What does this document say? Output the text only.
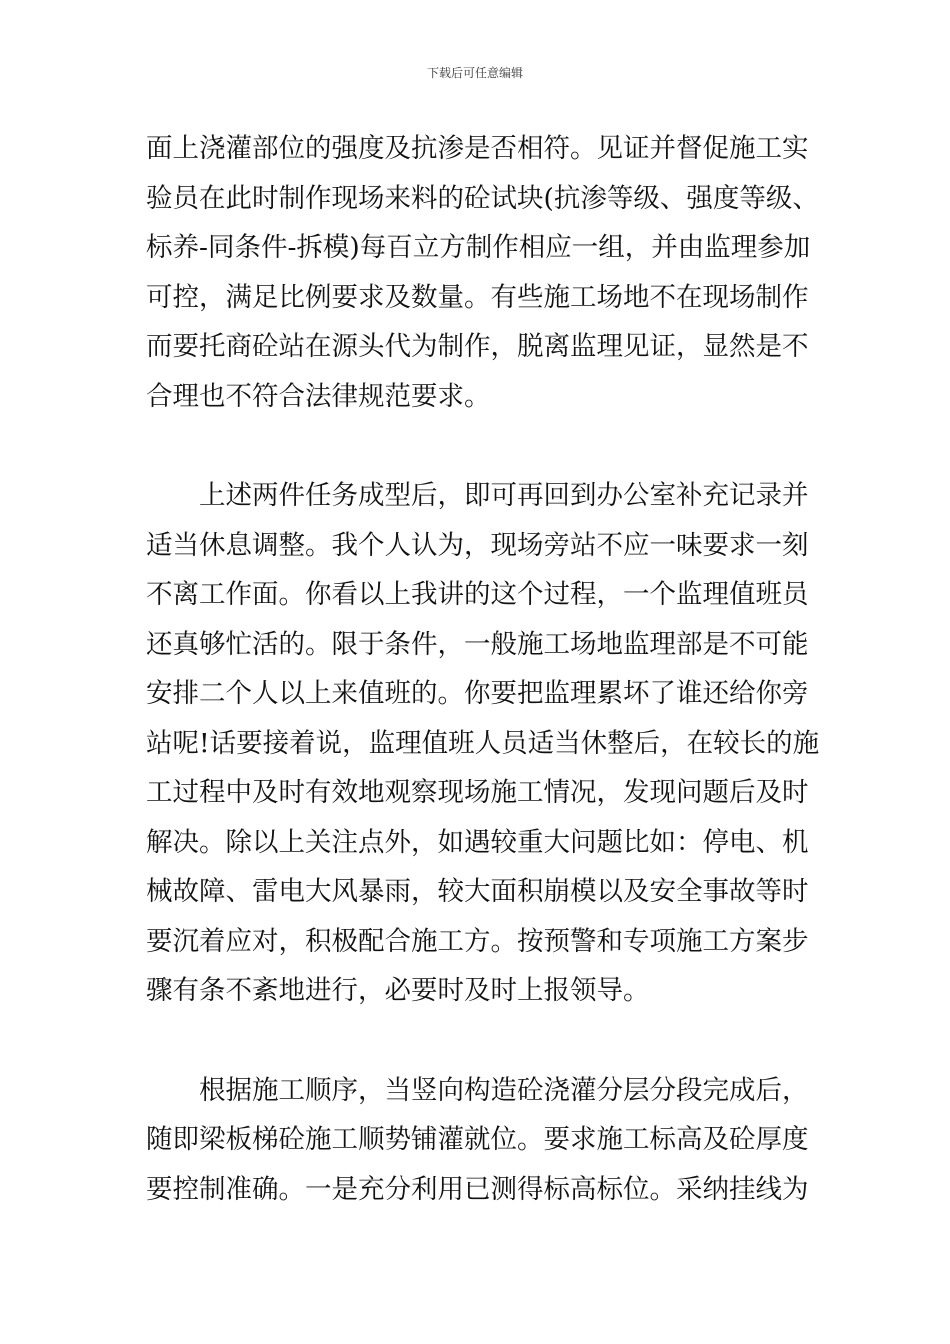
下载后可任意编辑
面上浇灌部位的强度及抗渗是否相符。见证并督促施工实
验员在此时制作现场来料的砼试块(抗渗等级、强度等级、
标养-同条件-拆模)每百立方制作相应一组，并由监理参加
可控，满足比例要求及数量。有些施工场地不在现场制作
而要托商砼站在源头代为制作，脱离监理见证，显然是不
合理也不符合法律规范要求。
上述两件任务成型后，即可再回到办公室补充记录并
适当休息调整。我个人认为，现场旁站不应一味要求一刻
不离工作面。你看以上我讲的这个过程，一个监理值班员
还真够忙活的。限于条件，一般施工场地监理部是不可能
安排二个人以上来值班的。你要把监理累坏了谁还给你旁
站呢!话要接着说，监理值班人员适当休整后，在较长的施
工过程中及时有效地观察现场施工情况，发现问题后及时
解决。除以上关注点外，如遇较重大问题比如：停电、机
械故障、雷电大风暴雨，较大面积崩模以及安全事故等时
要沉着应对，积极配合施工方。按预警和专项施工方案步
骤有条不紊地进行，必要时及时上报领导。
根据施工顺序，当竖向构造砼浇灌分层分段完成后，
随即梁板梯砼施工顺势铺灌就位。要求施工标高及砼厚度
要控制准确。一是充分利用已测得标高标位。采纳挂线为
